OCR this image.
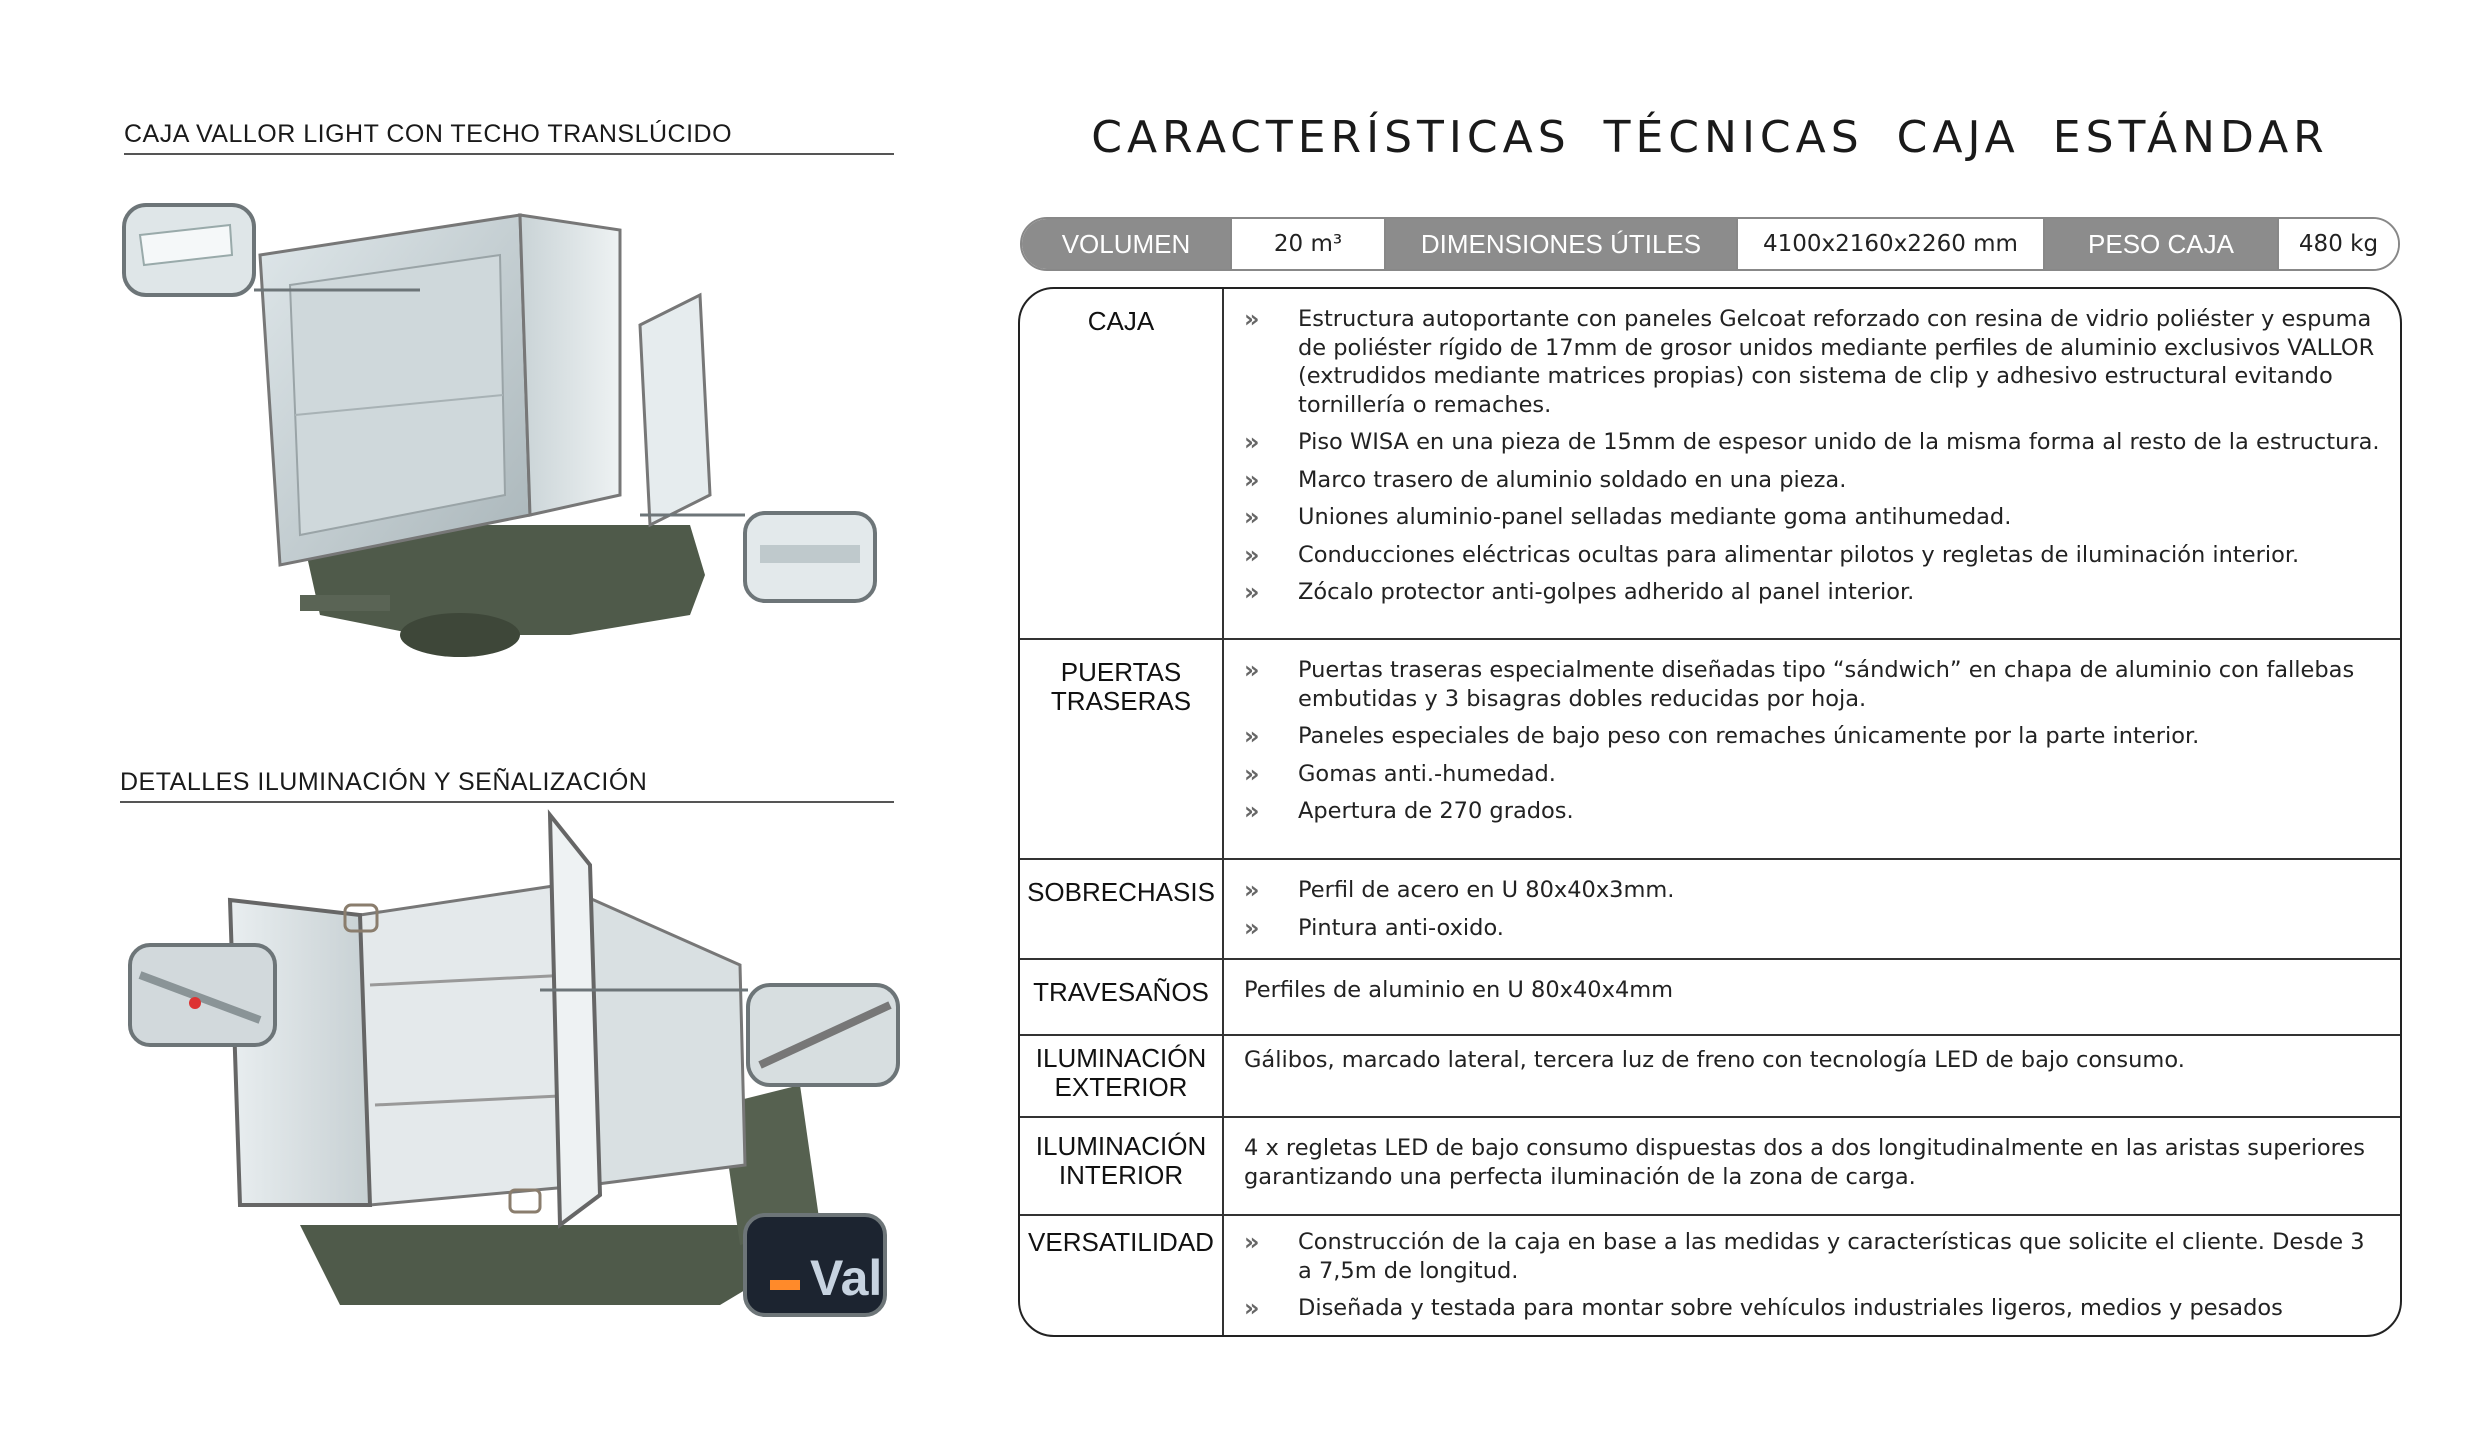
CAJA VALLOR LIGHT CON TECHO TRANSLÚCIDO
DETALLES ILUMINACIÓN Y SEÑALIZACIÓN
Val
CARACTERÍSTICAS TÉCNICAS CAJA ESTÁNDAR
VOLUMEN	20 m³	DIMENSIONES ÚTILES	4100x2160x2260 mm	PESO CAJA	480 kg
CAJA	»	Estructura autoportante con paneles Gelcoat reforzado con resina de vidrio poliéster y espuma de poliéster rígido de 17mm de grosor unidos mediante perfiles de aluminio exclusivos VALLOR (extrudidos mediante matrices propias) con sistema de clip y adhesivo estructural evitando tornillería o remaches.
»	Piso WISA en una pieza de 15mm de espesor unido de la misma forma al resto de la estructura.
»	Marco trasero de aluminio soldado en una pieza.
»	Uniones aluminio-panel selladas mediante goma antihumedad.
»	Conducciones eléctricas ocultas para alimentar pilotos y regletas de iluminación interior.
»	Zócalo protector anti-golpes adherido al panel interior.
PUERTAS TRASERAS
»	Puertas traseras especialmente diseñadas tipo “sándwich” en chapa de aluminio con fallebas embutidas y 3 bisagras dobles reducidas por hoja.
»	Paneles especiales de bajo peso con remaches únicamente por la parte interior.
»	Gomas anti.-humedad.
»	Apertura de 270 grados.
SOBRECHASIS	»	Perfil de acero en U 80x40x3mm.
»	Pintura anti-oxido.
TRAVESAÑOS	Perfiles de aluminio en U 80x40x4mm
ILUMINACIÓN EXTERIOR
Gálibos, marcado lateral, tercera luz de freno con tecnología LED de bajo consumo.
ILUMINACIÓN INTERIOR
4 x regletas LED de bajo consumo dispuestas dos a dos longitudinalmente en las aristas superiores garantizando una perfecta iluminación de la zona de carga.
VERSATILIDAD	»	Construcción de la caja en base a las medidas y características que solicite el cliente. Desde 3 a 7,5m de longitud.
»	Diseñada y testada para montar sobre vehículos industriales ligeros, medios y pesados
